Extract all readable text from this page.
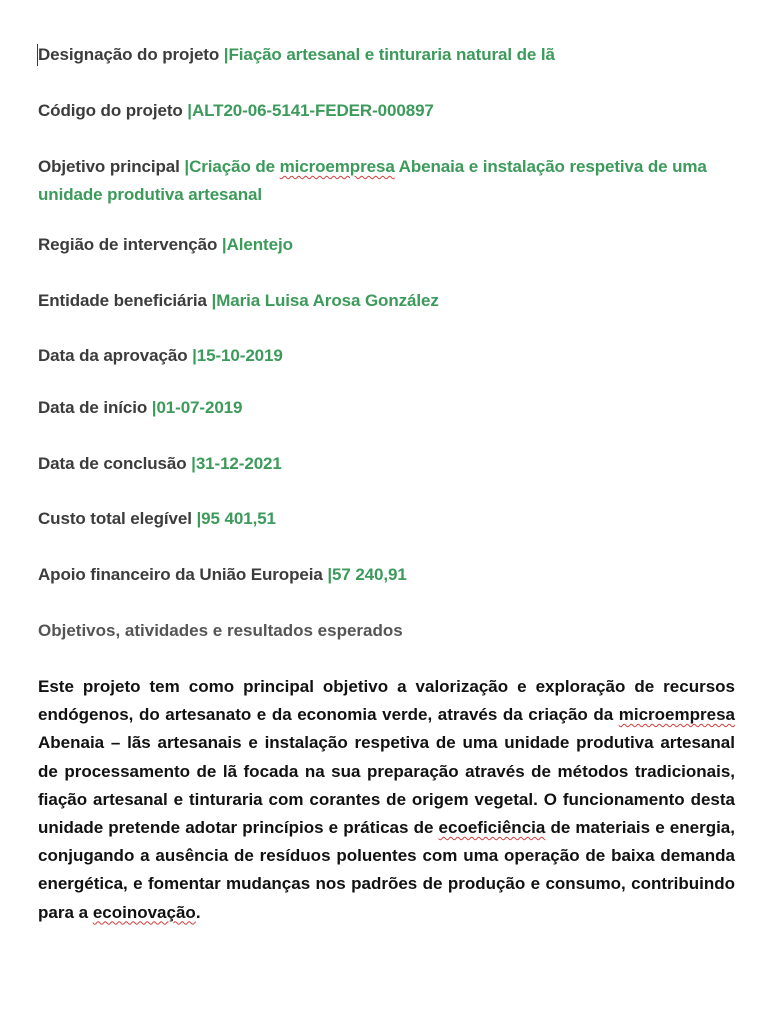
Designação do projeto |Fiação artesanal e tinturaria natural de lã
Código do projeto |ALT20-06-5141-FEDER-000897
Objetivo principal |Criação de microempresa Abenaia e instalação respetiva de uma unidade produtiva artesanal
Região de intervenção |Alentejo
Entidade beneficiária |Maria Luisa Arosa González
Data da aprovação |15-10-2019
Data de início |01-07-2019
Data de conclusão |31-12-2021
Custo total elegível |95 401,51
Apoio financeiro da União Europeia |57 240,91
Objetivos, atividades e resultados esperados
Este projeto tem como principal objetivo a valorização e exploração de recursos endógenos, do artesanato e da economia verde, através da criação da microempresa Abenaia – lãs artesanais e instalação respetiva de uma unidade produtiva artesanal de processamento de lã focada na sua preparação através de métodos tradicionais, fiação artesanal e tinturaria com corantes de origem vegetal. O funcionamento desta unidade pretende adotar princípios e práticas de ecoeficiência de materiais e energia, conjugando a ausência de resíduos poluentes com uma operação de baixa demanda energética, e fomentar mudanças nos padrões de produção e consumo, contribuindo para a ecoinovação.
